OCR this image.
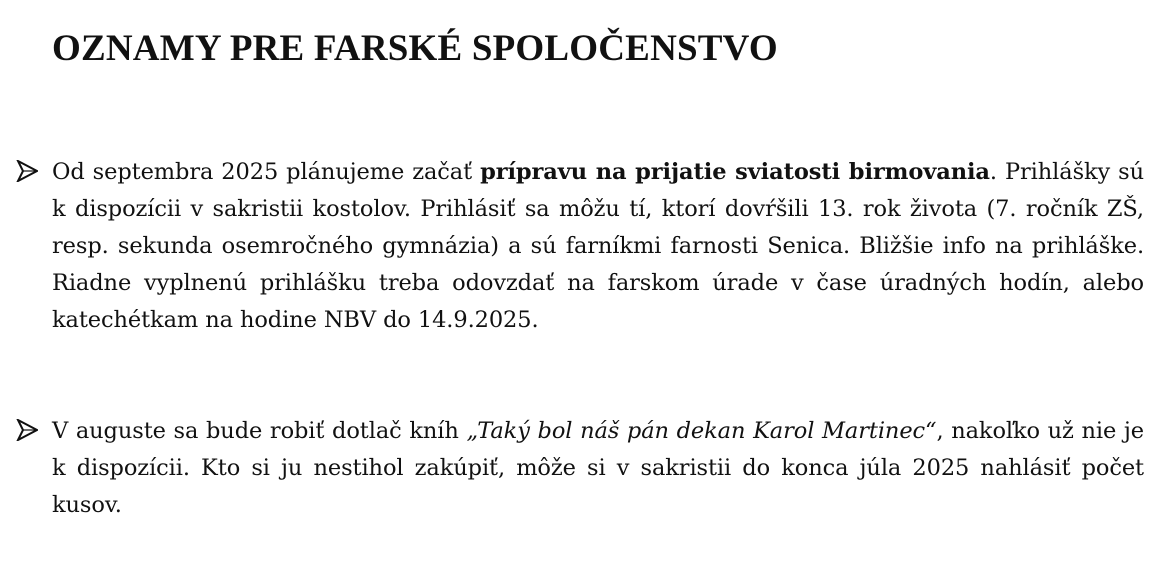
OZNAMY PRE FARSKÉ SPOLOČENSTVO

Od septembra 2025 plánujeme začať prípravu na prijatie sviatosti birmovania. Prihlášky sú k dispozícii v sakristii kostolov. Prihlásiť sa môžu tí, ktorí dovŕšili 13. rok života (7. ročník ZŠ, resp. sekunda osemročného gymnázia) a sú farníkmi farnosti Senica. Bližšie info na prihláške. Riadne vyplnenú prihlášku treba odovzdať na farskom úrade v čase úradných hodín, alebo katechétkam na hodine NBV do 14.9.2025.

V auguste sa bude robiť dotlač kníh „Taký bol náš pán dekan Karol Martinec“, nakoľko už nie je k dispozícii. Kto si ju nestihol zakúpiť, môže si v sakristii do konca júla 2025 nahlásiť počet kusov.
